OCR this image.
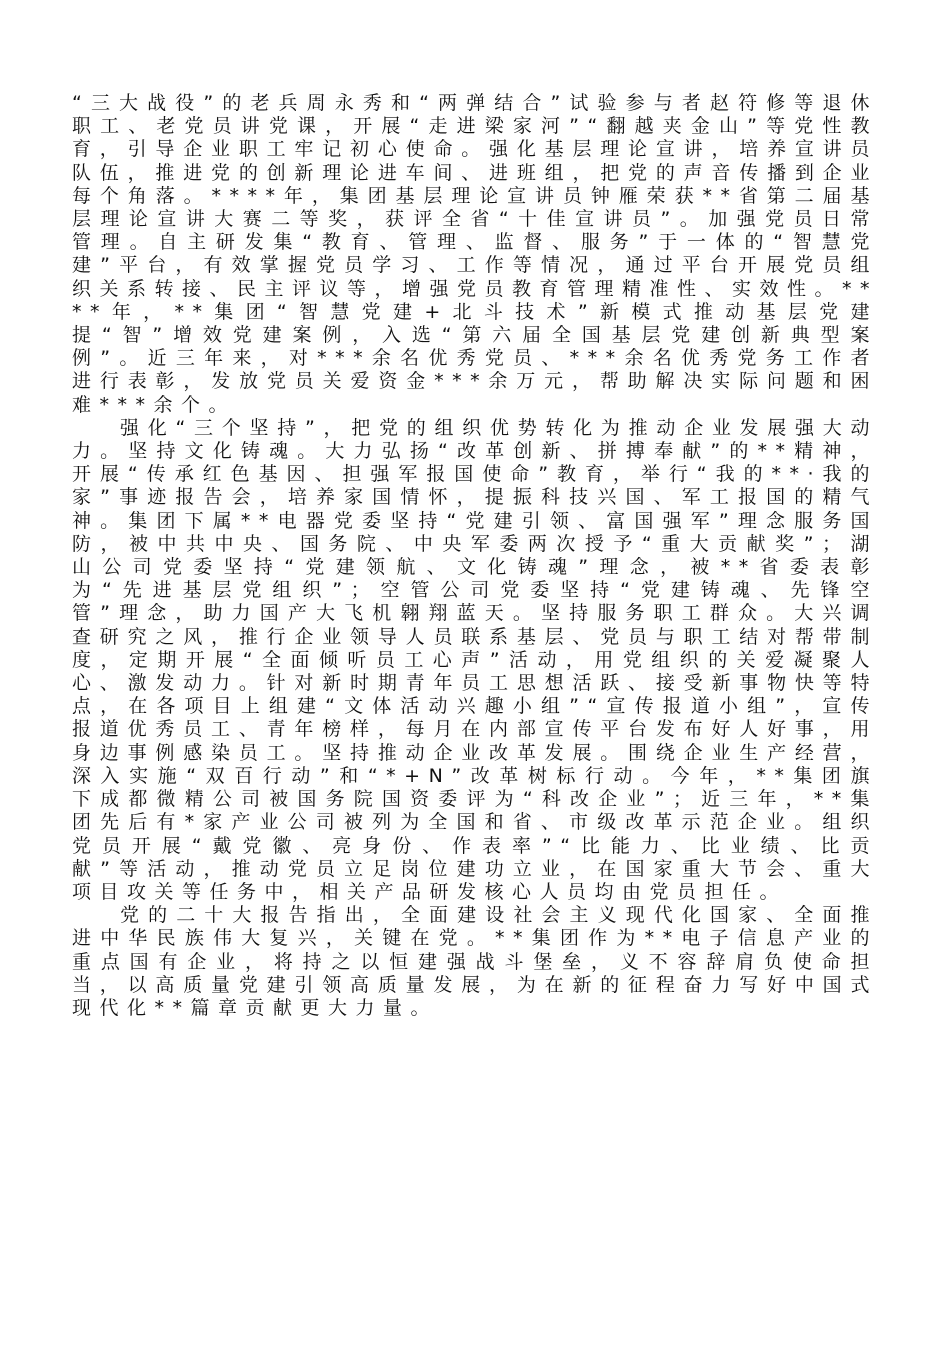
“三大战役”的老兵周永秀和“两弹结合”试验参与者赵符修等退休职工、老党员讲党课，开展“走进梁家河”“翻越夹金山”等党性教育，引导企业职工牢记初心使命。强化基层理论宣讲，培养宣讲员队伍，推进党的创新理论进车间、进班组，把党的声音传播到企业每个角落。****年，集团基层理论宣讲员钟雁荣获**省第二届基层理论宣讲大赛二等奖，获评全省“十佳宣讲员”。加强党员日常管理。自主研发集“教育、管理、监督、服务”于一体的“智慧党建”平台，有效掌握党员学习、工作等情况，通过平台开展党员组织关系转接、民主评议等，增强党员教育管理精准性、实效性。****年，**集团“智慧党建+北斗技术”新模式推动基层党建提“智”增效党建案例，入选“第六届全国基层党建创新典型案例”。近三年来，对***余名优秀党员、***余名优秀党务工作者进行表彰，发放党员关爱资金***余万元，帮助解决实际问题和困难***余个。

强化“三个坚持”，把党的组织优势转化为推动企业发展强大动力。坚持文化铸魂。大力弘扬“改革创新、拼搏奉献”的**精神，开展“传承红色基因、担强军报国使命”教育，举行“我的**·我的家”事迹报告会，培养家国情怀，提振科技兴国、军工报国的精气神。集团下属**电器党委坚持“党建引领、富国强军”理念服务国防，被中共中央、国务院、中央军委两次授予“重大贡献奖”；湖山公司党委坚持“党建领航、文化铸魂”理念，被**省委表彰为“先进基层党组织”；空管公司党委坚持“党建铸魂、先锋空管”理念，助力国产大飞机翱翔蓝天。坚持服务职工群众。大兴调查研究之风，推行企业领导人员联系基层、党员与职工结对帮带制度，定期开展“全面倾听员工心声”活动，用党组织的关爱凝聚人心、激发动力。针对新时期青年员工思想活跃、接受新事物快等特点，在各项目上组建“文体活动兴趣小组”“宣传报道小组”，宣传报道优秀员工、青年榜样，每月在内部宣传平台发布好人好事，用身边事例感染员工。坚持推动企业改革发展。围绕企业生产经营，深入实施“双百行动”和“*+N”改革树标行动。今年，**集团旗下成都微精公司被国务院国资委评为“科改企业”；近三年，**集团先后有*家产业公司被列为全国和省、市级改革示范企业。组织党员开展“戴党徽、亮身份、作表率”“比能力、比业绩、比贡献”等活动，推动党员立足岗位建功立业，在国家重大节会、重大项目攻关等任务中，相关产品研发核心人员均由党员担任。

党的二十大报告指出，全面建设社会主义现代化国家、全面推进中华民族伟大复兴，关键在党。**集团作为**电子信息产业的重点国有企业，将持之以恒建强战斗堡垒，义不容辞肩负使命担当，以高质量党建引领高质量发展，为在新的征程奋力写好中国式现代化**篇章贡献更大力量。
